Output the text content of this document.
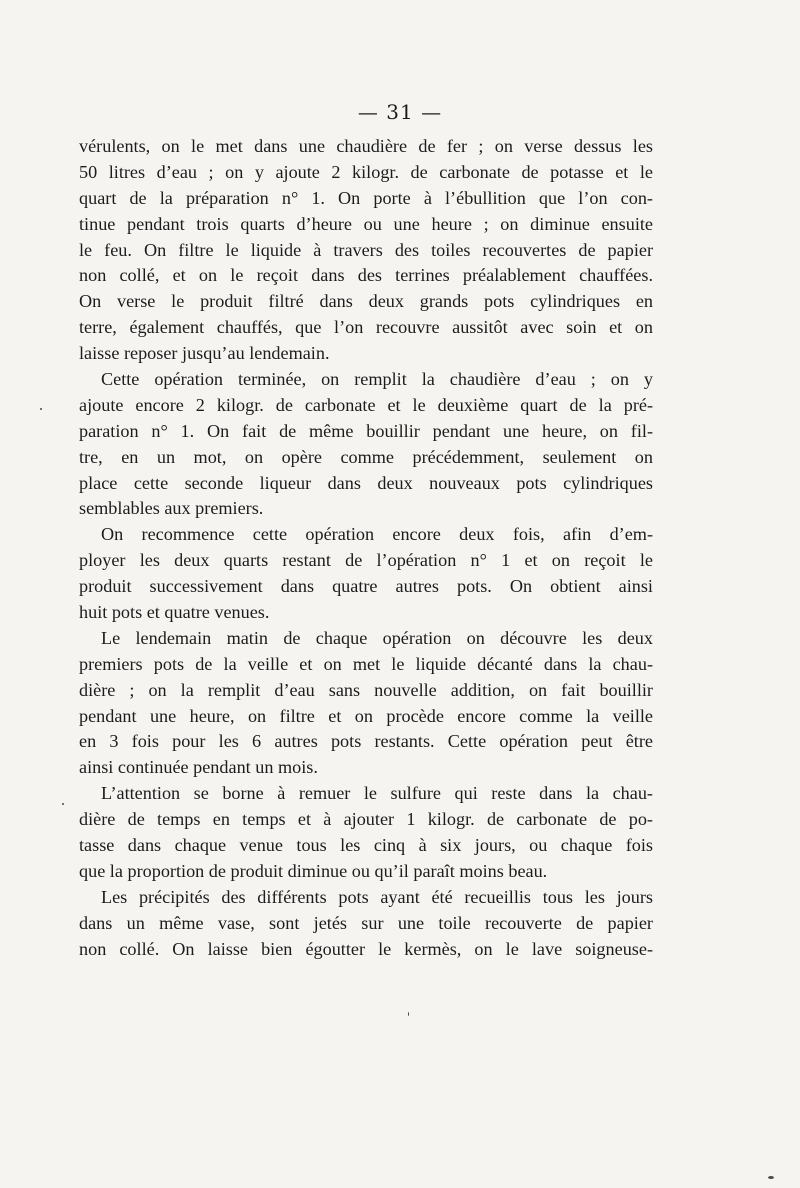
— 31 —
vérulents, on le met dans une chaudière de fer ; on verse dessus les
50 litres d’eau ; on y ajoute 2 kilogr. de carbonate de potasse et le
quart de la préparation n° 1. On porte à l’ébullition que l’on con-
tinue pendant trois quarts d’heure ou une heure ; on diminue ensuite
le feu. On filtre le liquide à travers des toiles recouvertes de papier
non collé, et on le reçoit dans des terrines préalablement chauffées.
On verse le produit filtré dans deux grands pots cylindriques en
terre, également chauffés, que l’on recouvre aussitôt avec soin et on
laisse reposer jusqu’au lendemain.
Cette opération terminée, on remplit la chaudière d’eau ; on y
ajoute encore 2 kilogr. de carbonate et le deuxième quart de la pré-
paration n° 1. On fait de même bouillir pendant une heure, on fil-
tre, en un mot, on opère comme précédemment, seulement on
place cette seconde liqueur dans deux nouveaux pots cylindriques
semblables aux premiers.
On recommence cette opération encore deux fois, afin d’em-
ployer les deux quarts restant de l’opération n° 1 et on reçoit le
produit successivement dans quatre autres pots. On obtient ainsi
huit pots et quatre venues.
Le lendemain matin de chaque opération on découvre les deux
premiers pots de la veille et on met le liquide décanté dans la chau-
dière ; on la remplit d’eau sans nouvelle addition, on fait bouillir
pendant une heure, on filtre et on procède encore comme la veille
en 3 fois pour les 6 autres pots restants. Cette opération peut être
ainsi continuée pendant un mois.
L’attention se borne à remuer le sulfure qui reste dans la chau-
dière de temps en temps et à ajouter 1 kilogr. de carbonate de po-
tasse dans chaque venue tous les cinq à six jours, ou chaque fois
que la proportion de produit diminue ou qu’il paraît moins beau.
Les précipités des différents pots ayant été recueillis tous les jours
dans un même vase, sont jetés sur une toile recouverte de papier
non collé. On laisse bien égoutter le kermès, on le lave soigneuse-
